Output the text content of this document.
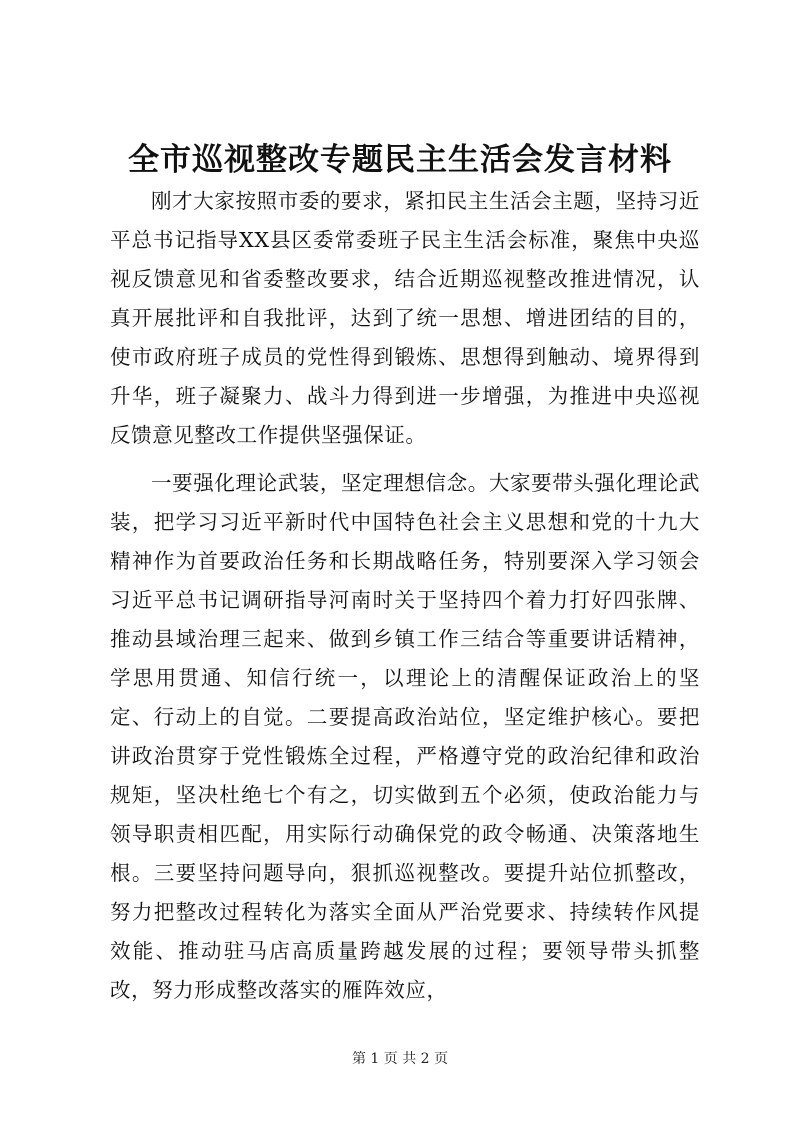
全市巡视整改专题民主生活会发言材料

刚才大家按照市委的要求，紧扣民主生活会主题，坚持习近平总书记指导XX县区委常委班子民主生活会标准，聚焦中央巡视反馈意见和省委整改要求，结合近期巡视整改推进情况，认真开展批评和自我批评，达到了统一思想、增进团结的目的，使市政府班子成员的党性得到锻炼、思想得到触动、境界得到升华，班子凝聚力、战斗力得到进一步增强，为推进中央巡视反馈意见整改工作提供坚强保证。

一要强化理论武装，坚定理想信念。大家要带头强化理论武装，把学习习近平新时代中国特色社会主义思想和党的十九大精神作为首要政治任务和长期战略任务，特别要深入学习领会习近平总书记调研指导河南时关于坚持四个着力打好四张牌、推动县域治理三起来、做到乡镇工作三结合等重要讲话精神，学思用贯通、知信行统一，以理论上的清醒保证政治上的坚定、行动上的自觉。二要提高政治站位，坚定维护核心。要把讲政治贯穿于党性锻炼全过程，严格遵守党的政治纪律和政治规矩，坚决杜绝七个有之，切实做到五个必须，使政治能力与领导职责相匹配，用实际行动确保党的政令畅通、决策落地生根。三要坚持问题导向，狠抓巡视整改。要提升站位抓整改，努力把整改过程转化为落实全面从严治党要求、持续转作风提效能、推动驻马店高质量跨越发展的过程；要领导带头抓整改，努力形成整改落实的雁阵效应，

第 1 页 共 2 页
